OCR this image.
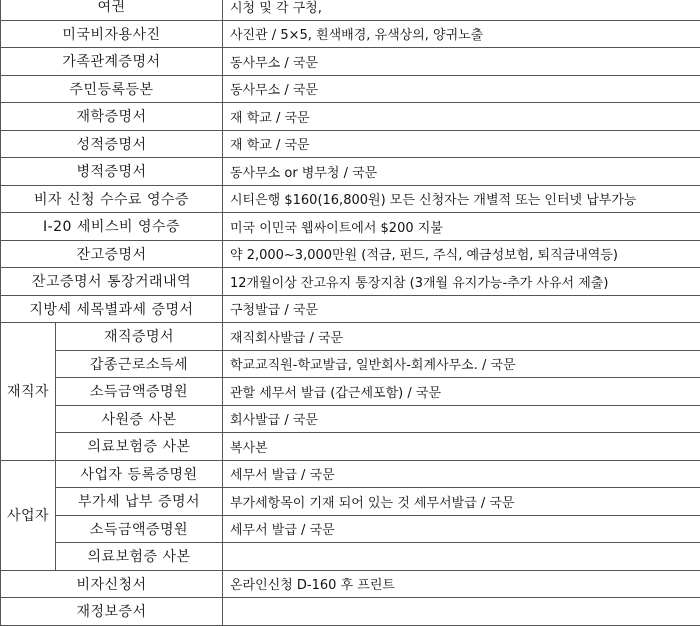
여권		시청 및 각 구청,
미국비자용사진		사진관 / 5×5, 흰색배경, 유색상의, 양귀노출
가족관계증명서		동사무소 / 국문
주민등록등본		동사무소 / 국문
재학증명서		재 학교 / 국문
성적증명서		재 학교 / 국문
병적증명서		동사무소 or 병무청 / 국문
비자 신청 수수료 영수증		시티은행 $160(16,800원) 모든 신청자는 개별적 또는 인터넷 납부가능
I-20 세비스비 영수증		미국 이민국 웹싸이트에서 $200 지불
잔고증명서		약 2,000~3,000만원 (적금, 펀드, 주식, 예금성보험, 퇴직금내역등)
잔고증명서 통장거래내역		12개월이상 잔고유지 통장지참 (3개월 유지가능-추가 사유서 제출)
지방세 세목별과세 증명서		구청발급 / 국문
재직자	재직증명서	재직회사발급 / 국문
	갑종근로소득세	학교교직원-학교발급, 일반회사-회계사무소. / 국문
	소득금액증명원	관할 세무서 발급 (갑근세포함) / 국문
	사원증 사본	회사발급 / 국문
	의료보험증 사본	복사본
사업자	사업자 등록증명원	세무서 발급 / 국문
	부가세 납부 증명서	부가세항목이 기재 되어 있는 것 세무서발급 / 국문
	소득금액증명원	세무서 발급 / 국문
	의료보험증 사본	
비자신청서		온라인신청 D-160 후 프린트
재정보증서		
